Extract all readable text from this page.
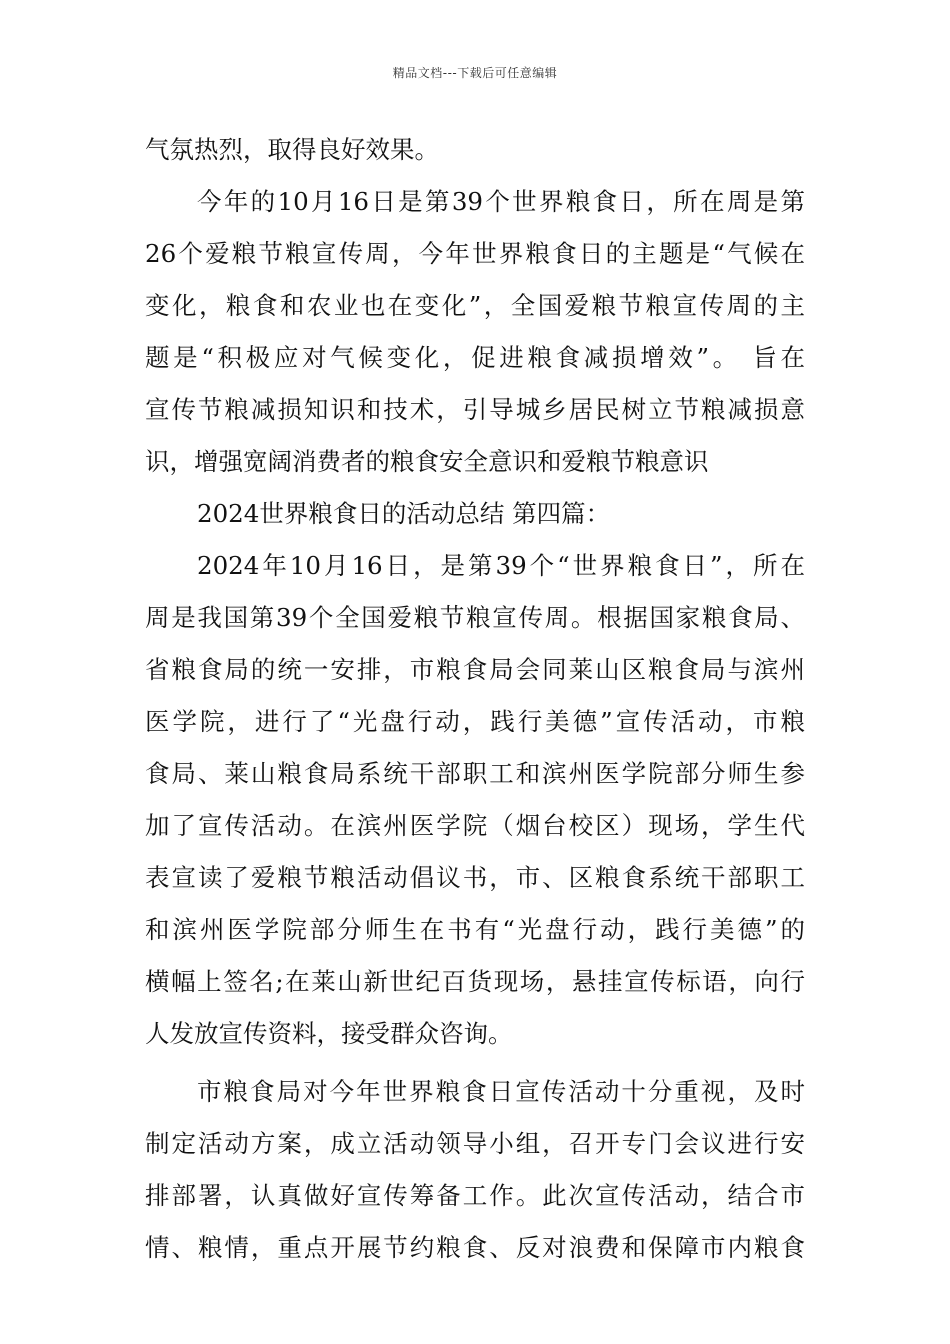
精品文档---下载后可任意编辑
气氛热烈，取得良好效果。
今年的10月16日是第39个世界粮食日，所在周是第
26个爱粮节粮宣传周，今年世界粮食日的主题是“气候在
变化，粮食和农业也在变化”，全国爱粮节粮宣传周的主
题是“积极应对气候变化，促进粮食减损增效”。 旨在
宣传节粮减损知识和技术，引导城乡居民树立节粮减损意
识，增强宽阔消费者的粮食安全意识和爱粮节粮意识
2024世界粮食日的活动总结 第四篇：
2024年10月16日，是第39个“世界粮食日”，所在
周是我国第39个全国爱粮节粮宣传周。根据国家粮食局、
省粮食局的统一安排，市粮食局会同莱山区粮食局与滨州
医学院，进行了“光盘行动，践行美德”宣传活动，市粮
食局、莱山粮食局系统干部职工和滨州医学院部分师生参
加了宣传活动。在滨州医学院（烟台校区）现场，学生代
表宣读了爱粮节粮活动倡议书，市、区粮食系统干部职工
和滨州医学院部分师生在书有“光盘行动，践行美德”的
横幅上签名;在莱山新世纪百货现场，悬挂宣传标语，向行
人发放宣传资料，接受群众咨询。
市粮食局对今年世界粮食日宣传活动十分重视，及时
制定活动方案，成立活动领导小组，召开专门会议进行安
排部署，认真做好宣传筹备工作。此次宣传活动，结合市
情、粮情，重点开展节约粮食、反对浪费和保障市内粮食
